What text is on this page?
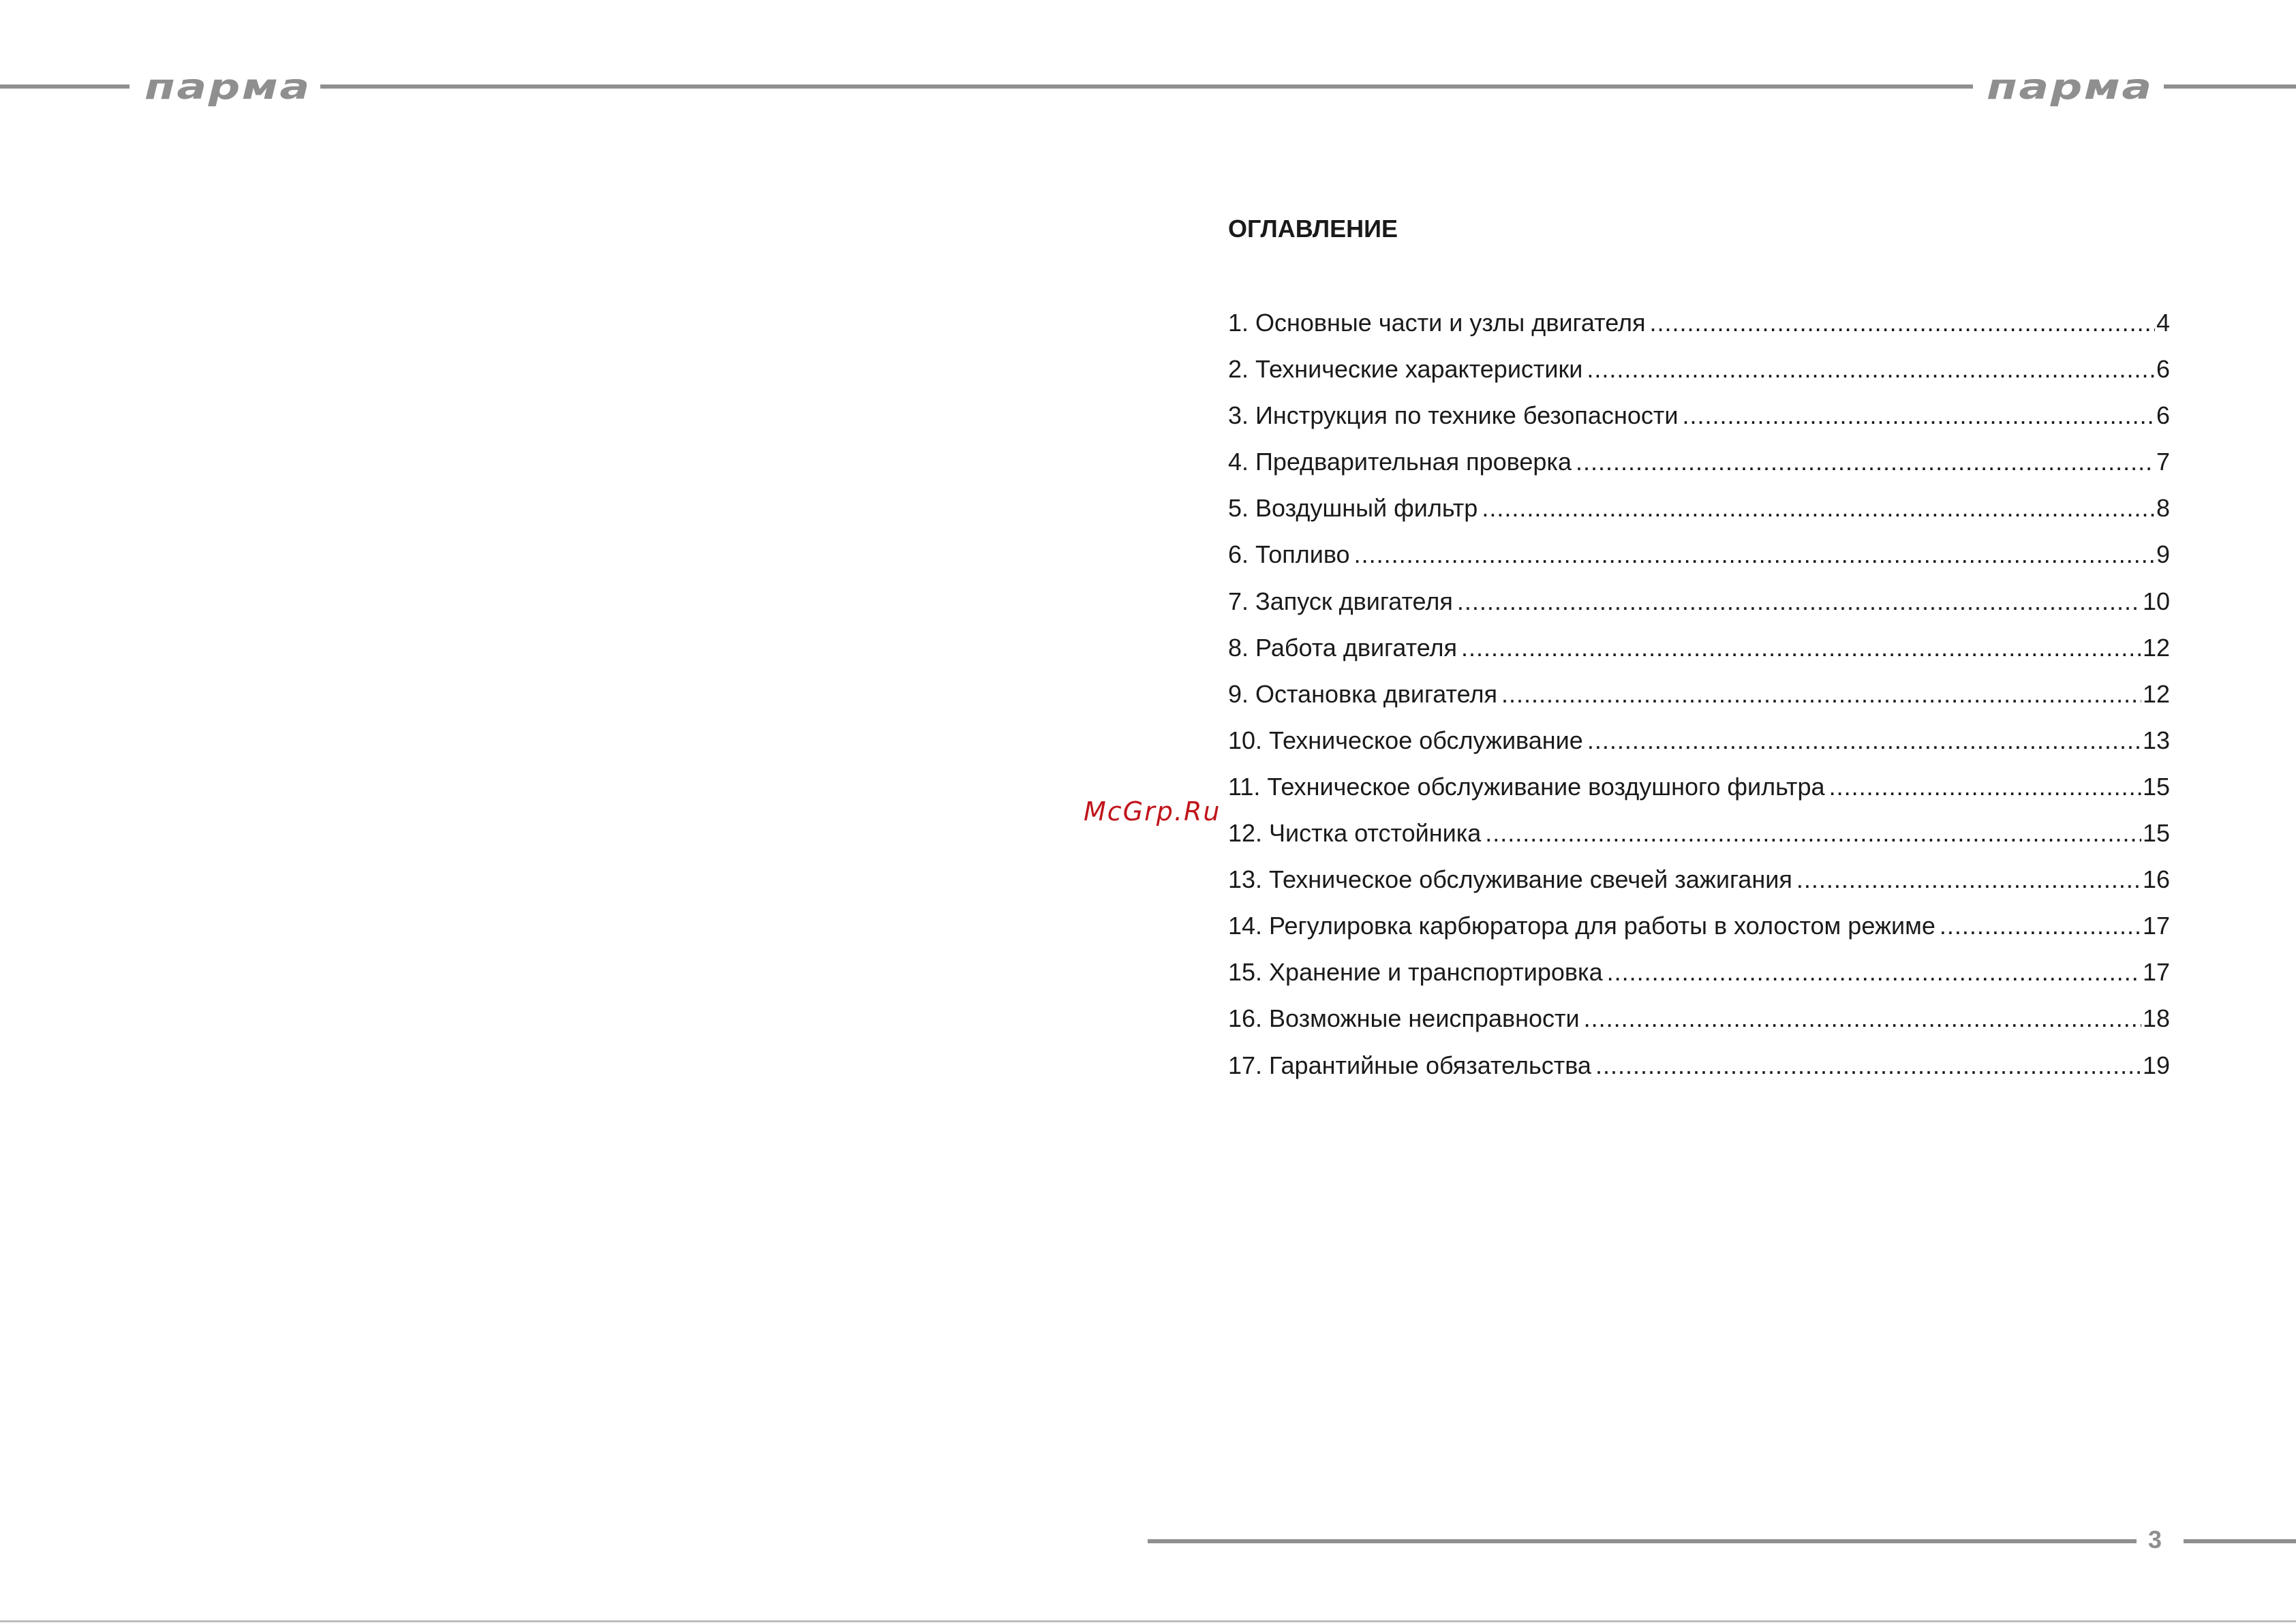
парма	парма
ОГЛАВЛЕНИЕ
1. Основные части и узлы двигателя .....	4
2. Технические характеристики .....	6
3. Инструкция по технике безопасности .....	6
4. Предварительная проверка .....	7
5. Воздушный фильтр .....	8
6. Топливо .....	9
7. Запуск двигателя .....	10
8. Работа двигателя .....	12
9. Остановка двигателя .....	12
10. Техническое обслуживание .....	13
11. Техническое обслуживание воздушного фильтра .....	15
12. Чистка отстойника .....	15
13. Техническое обслуживание свечей зажигания .....	16
14. Регулировка карбюратора для работы в холостом режиме .....	17
15. Хранение и транспортировка .....	17
16. Возможные неисправности .....	18
17. Гарантийные обязательства .....	19
McGrp.Ru
3
